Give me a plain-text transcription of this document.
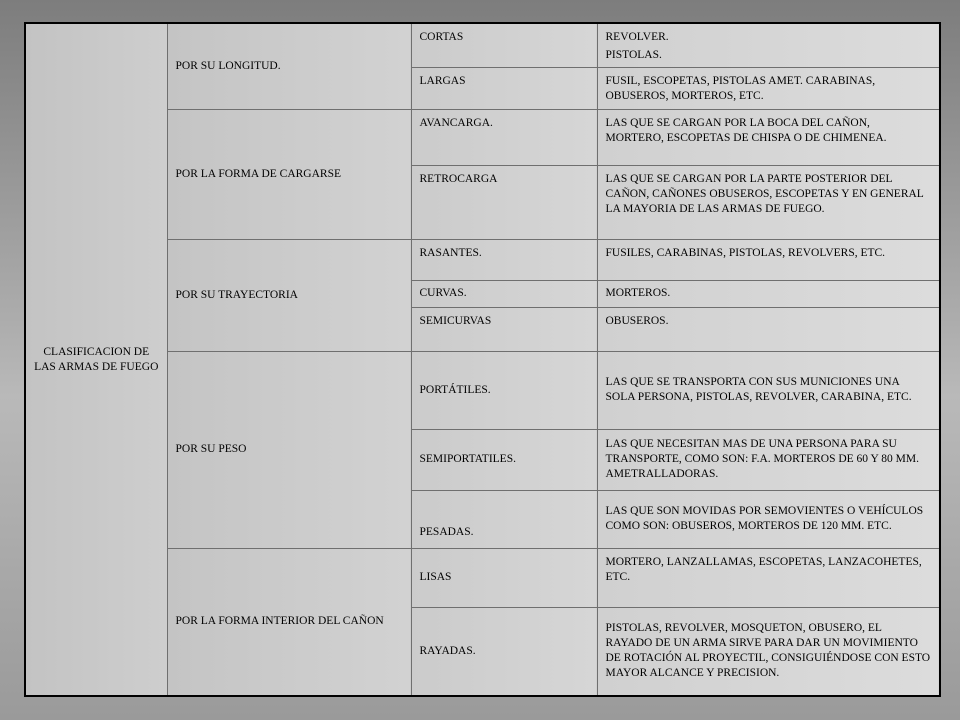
CLASIFICACION DE LAS ARMAS DE FUEGO	POR SU LONGITUD.	CORTAS	REVOLVER.
PISTOLAS.

		LARGAS	FUSIL, ESCOPETAS, PISTOLAS AMET. CARABINAS, OBUSEROS, MORTEROS, ETC.
	POR LA FORMA DE CARGARSE	AVANCARGA.	LAS QUE SE CARGAN POR LA BOCA DEL CAÑON, MORTERO, ESCOPETAS DE CHISPA O DE CHIMENEA.
		RETROCARGA	LAS QUE SE CARGAN POR LA PARTE POSTERIOR DEL CAÑON, CAÑONES OBUSEROS, ESCOPETAS Y EN GENERAL LA MAYORIA DE LAS ARMAS DE FUEGO.
	POR SU TRAYECTORIA	RASANTES.	FUSILES, CARABINAS, PISTOLAS, REVOLVERS, ETC.
		CURVAS.	MORTEROS.
		SEMICURVAS	OBUSEROS.
	POR SU PESO	PORTÁTILES.	LAS QUE SE TRANSPORTA CON SUS MUNICIONES UNA SOLA PERSONA, PISTOLAS, REVOLVER, CARABINA, ETC.
		SEMIPORTATILES.	LAS QUE NECESITAN MAS DE UNA PERSONA PARA SU TRANSPORTE, COMO SON: F.A. MORTEROS DE 60 Y 80 MM. AMETRALLADORAS.
		PESADAS.	LAS QUE SON MOVIDAS POR SEMOVIENTES O VEHÍCULOS COMO SON: OBUSEROS, MORTEROS DE 120 MM. ETC.
	POR LA FORMA INTERIOR DEL CAÑON	LISAS	MORTERO, LANZALLAMAS, ESCOPETAS, LANZACOHETES, ETC.
		RAYADAS.	PISTOLAS, REVOLVER, MOSQUETON, OBUSERO, EL RAYADO DE UN ARMA SIRVE PARA DAR UN MOVIMIENTO DE ROTACIÓN AL PROYECTIL, CONSIGUIÉNDOSE CON ESTO MAYOR ALCANCE Y PRECISION.
